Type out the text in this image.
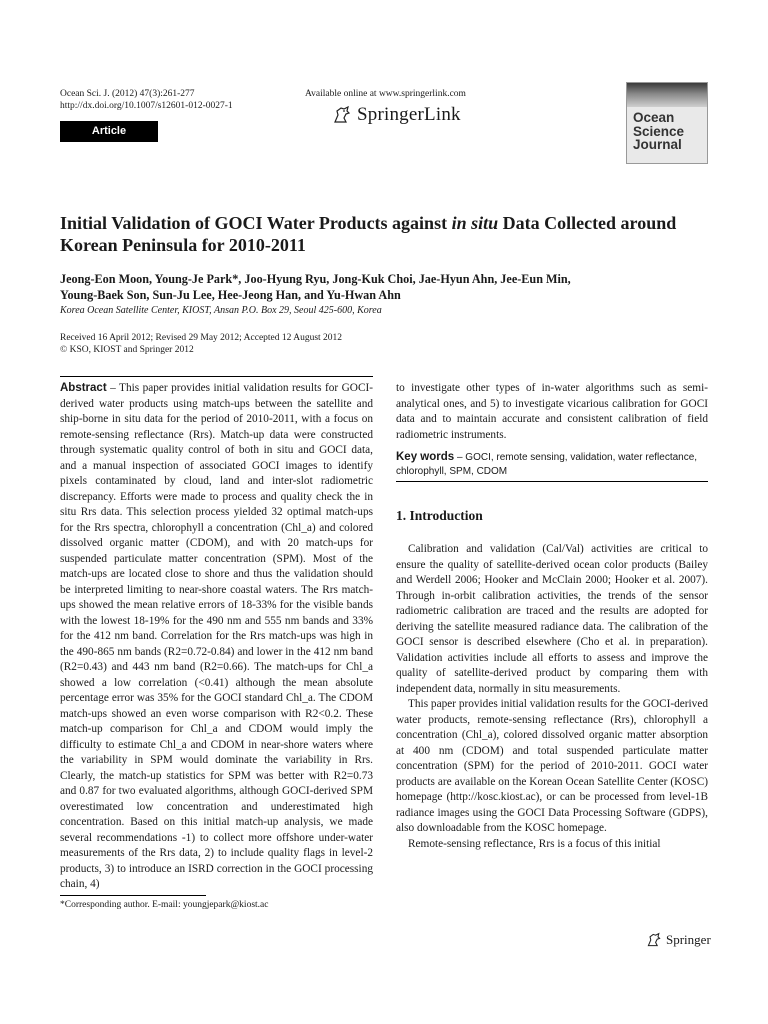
Ocean Sci. J. (2012) 47(3):261-277
http://dx.doi.org/10.1007/s12601-012-0027-1
Article
Available online at www.springerlink.com
SpringerLink	Ocean
Science
Journal
Initial Validation of GOCI Water Products against in situ Data Collected around Korean Peninsula for 2010-2011
Jeong-Eon Moon, Young-Je Park*, Joo-Hyung Ryu, Jong-Kuk Choi, Jae-Hyun Ahn, Jee-Eun Min,
Young-Baek Son, Sun-Ju Lee, Hee-Jeong Han, and Yu-Hwan Ahn
Korea Ocean Satellite Center, KIOST, Ansan P.O. Box 29, Seoul 425-600, Korea
Received 16 April 2012; Revised 29 May 2012; Accepted 12 August 2012
© KSO, KIOST and Springer 2012

Abstract – This paper provides initial validation results for GOCI-derived water products using match-ups between the satellite and ship-borne in situ data for the period of 2010-2011, with a focus on remote-sensing reflectance (Rrs). Match-up data were constructed through systematic quality control of both in situ and GOCI data, and a manual inspection of associated GOCI images to identify pixels contaminated by cloud, land and inter-slot radiometric discrepancy. Efforts were made to process and quality check the in situ Rrs data. This selection process yielded 32 optimal match-ups for the Rrs spectra, chlorophyll a concentration (Chl_a) and colored dissolved organic matter (CDOM), and with 20 match-ups for suspended particulate matter concentration (SPM). Most of the match-ups are located close to shore and thus the validation should be interpreted limiting to near-shore coastal waters. The Rrs match-ups showed the mean relative errors of 18-33% for the visible bands with the lowest 18-19% for the 490 nm and 555 nm bands and 33% for the 412 nm band. Correlation for the Rrs match-ups was high in the 490-865 nm bands (R2=0.72-0.84) and lower in the 412 nm band (R2=0.43) and 443 nm band (R2=0.66). The match-ups for Chl_a showed a low correlation (<0.41) although the mean absolute percentage error was 35% for the GOCI standard Chl_a. The CDOM match-ups showed an even worse comparison with R2<0.2. These match-up comparison for Chl_a and CDOM would imply the difficulty to estimate Chl_a and CDOM in near-shore waters where the variability in SPM would dominate the variability in Rrs. Clearly, the match-up statistics for SPM was better with R2=0.73 and 0.87 for two evaluated algorithms, although GOCI-derived SPM overestimated low concentration and underestimated high concentration. Based on this initial match-up analysis, we made several recommendations -1) to collect more offshore under-water measurements of the Rrs data, 2) to include quality flags in level-2 products, 3) to introduce an ISRD correction in the GOCI processing chain, 4)

*Corresponding author. E-mail: youngjepark@kiost.ac
to investigate other types of in-water algorithms such as semi-analytical ones, and 5) to investigate vicarious calibration for GOCI data and to maintain accurate and consistent calibration of field radiometric instruments.
Key words – GOCI, remote sensing, validation, water reflectance, chlorophyll, SPM, CDOM
1. Introduction

Calibration and validation (Cal/Val) activities are critical to ensure the quality of satellite-derived ocean color products (Bailey and Werdell 2006; Hooker and McClain 2000; Hooker et al. 2007). Through in-orbit calibration activities, the trends of the sensor radiometric calibration are traced and the results are adopted for deriving the satellite measured radiance data. The calibration of the GOCI sensor is described elsewhere (Cho et al. in preparation). Validation activities include all efforts to assess and improve the quality of satellite-derived product by comparing them with independent data, normally in situ measurements.

This paper provides initial validation results for the GOCI-derived water products, remote-sensing reflectance (Rrs), chlorophyll a concentration (Chl_a), colored dissolved organic matter absorption at 400 nm (CDOM) and total suspended particulate matter concentration (SPM) for the period of 2010-2011. GOCI water products are available on the Korean Ocean Satellite Center (KOSC) homepage (http://kosc.kiost.ac), or can be processed from level-1B radiance images using the GOCI Data Processing Software (GDPS), also downloadable from the KOSC homepage.

Remote-sensing reflectance, Rrs is a focus of this initial

Springer
